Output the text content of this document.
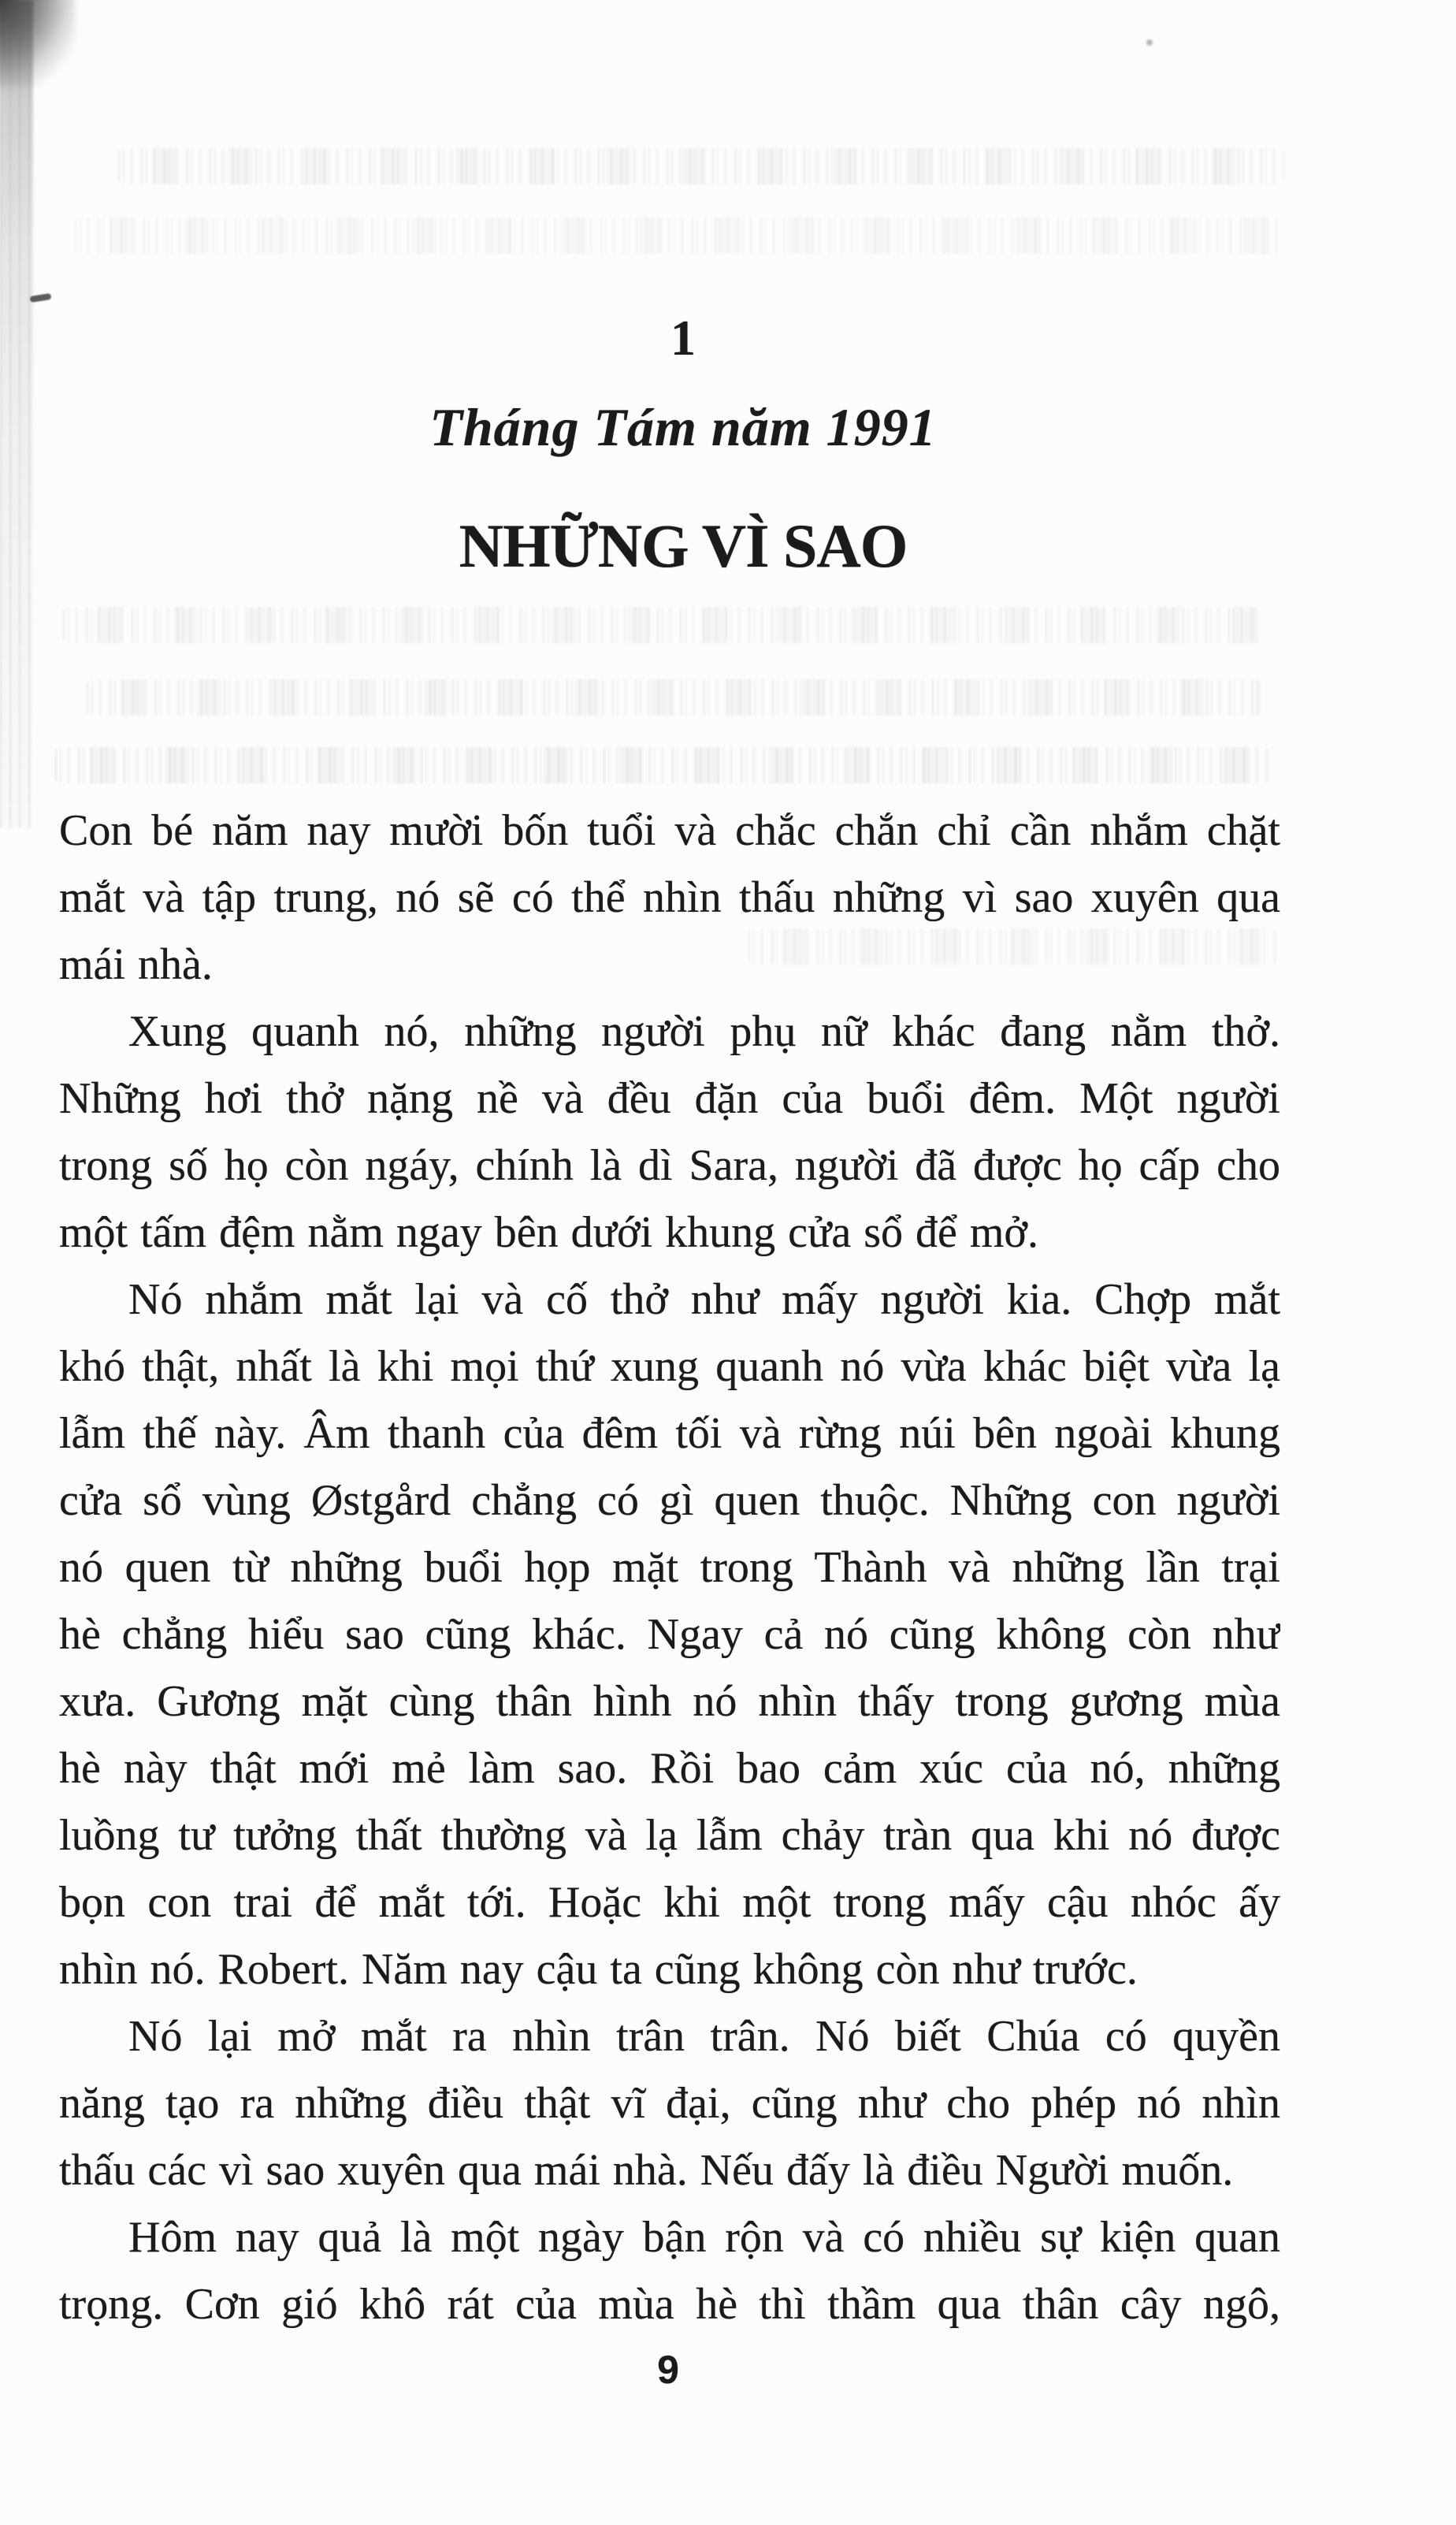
1
Tháng Tám năm 1991
NHỮNG VÌ SAO
Con bé năm nay mười bốn tuổi và chắc chắn chỉ cần nhắm chặt
mắt và tập trung, nó sẽ có thể nhìn thấu những vì sao xuyên qua
mái nhà.
Xung quanh nó, những người phụ nữ khác đang nằm thở.
Những hơi thở nặng nề và đều đặn của buổi đêm. Một người
trong số họ còn ngáy, chính là dì Sara, người đã được họ cấp cho
một tấm đệm nằm ngay bên dưới khung cửa sổ để mở.
Nó nhắm mắt lại và cố thở như mấy người kia. Chợp mắt
khó thật, nhất là khi mọi thứ xung quanh nó vừa khác biệt vừa lạ
lẫm thế này. Âm thanh của đêm tối và rừng núi bên ngoài khung
cửa sổ vùng Østgård chẳng có gì quen thuộc. Những con người
nó quen từ những buổi họp mặt trong Thành và những lần trại
hè chẳng hiểu sao cũng khác. Ngay cả nó cũng không còn như
xưa. Gương mặt cùng thân hình nó nhìn thấy trong gương mùa
hè này thật mới mẻ làm sao. Rồi bao cảm xúc của nó, những
luồng tư tưởng thất thường và lạ lẫm chảy tràn qua khi nó được
bọn con trai để mắt tới. Hoặc khi một trong mấy cậu nhóc ấy
nhìn nó. Robert. Năm nay cậu ta cũng không còn như trước.
Nó lại mở mắt ra nhìn trân trân. Nó biết Chúa có quyền
năng tạo ra những điều thật vĩ đại, cũng như cho phép nó nhìn
thấu các vì sao xuyên qua mái nhà. Nếu đấy là điều Người muốn.
Hôm nay quả là một ngày bận rộn và có nhiều sự kiện quan
trọng. Cơn gió khô rát của mùa hè thì thầm qua thân cây ngô,
9
